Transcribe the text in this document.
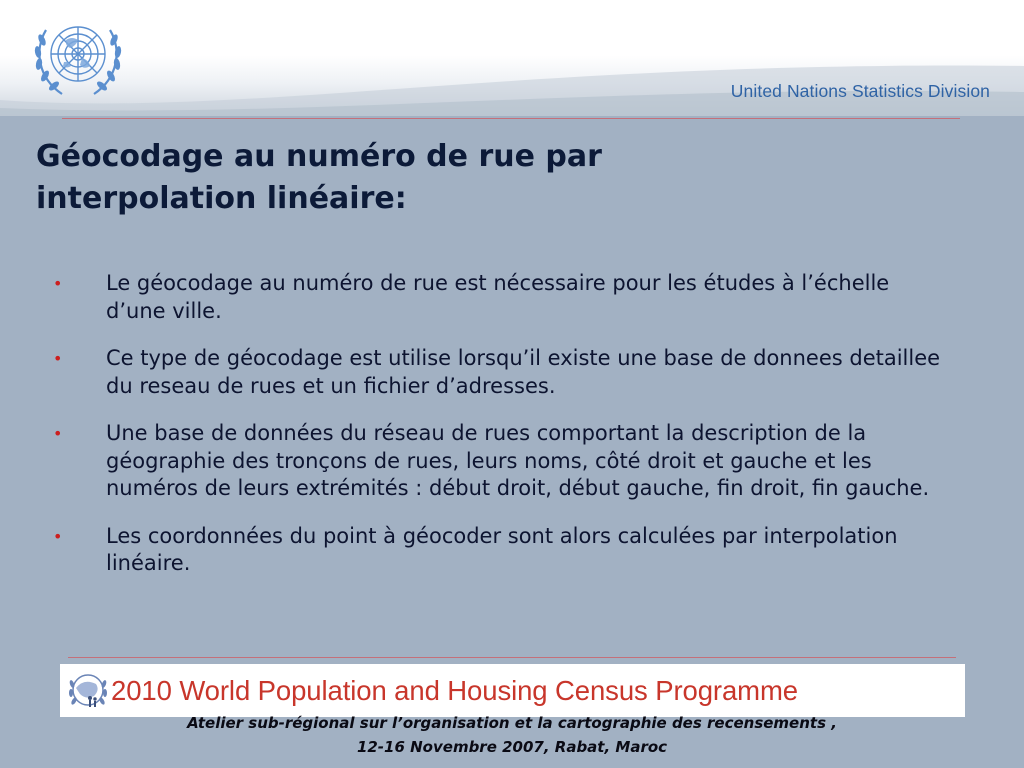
United Nations Statistics Division
Géocodage au numéro de rue par interpolation linéaire:
• Le géocodage au numéro de rue est nécessaire pour les études à l’échelle d’une ville.
• Ce type de géocodage est utilise lorsqu’il existe une base de donnees detaillee du reseau de rues et un fichier d’adresses.
• Une base de données du réseau de rues comportant la description de la géographie des tronçons de rues, leurs noms, côté droit et gauche et les numéros de leurs extrémités : début droit, début gauche, fin droit, fin gauche.
• Les coordonnées du point à géocoder sont alors calculées par interpolation linéaire.
2010 World Population and Housing Census Programme
Atelier sub-régional sur l’organisation et la cartographie des recensements ,
12-16 Novembre 2007, Rabat, Maroc
